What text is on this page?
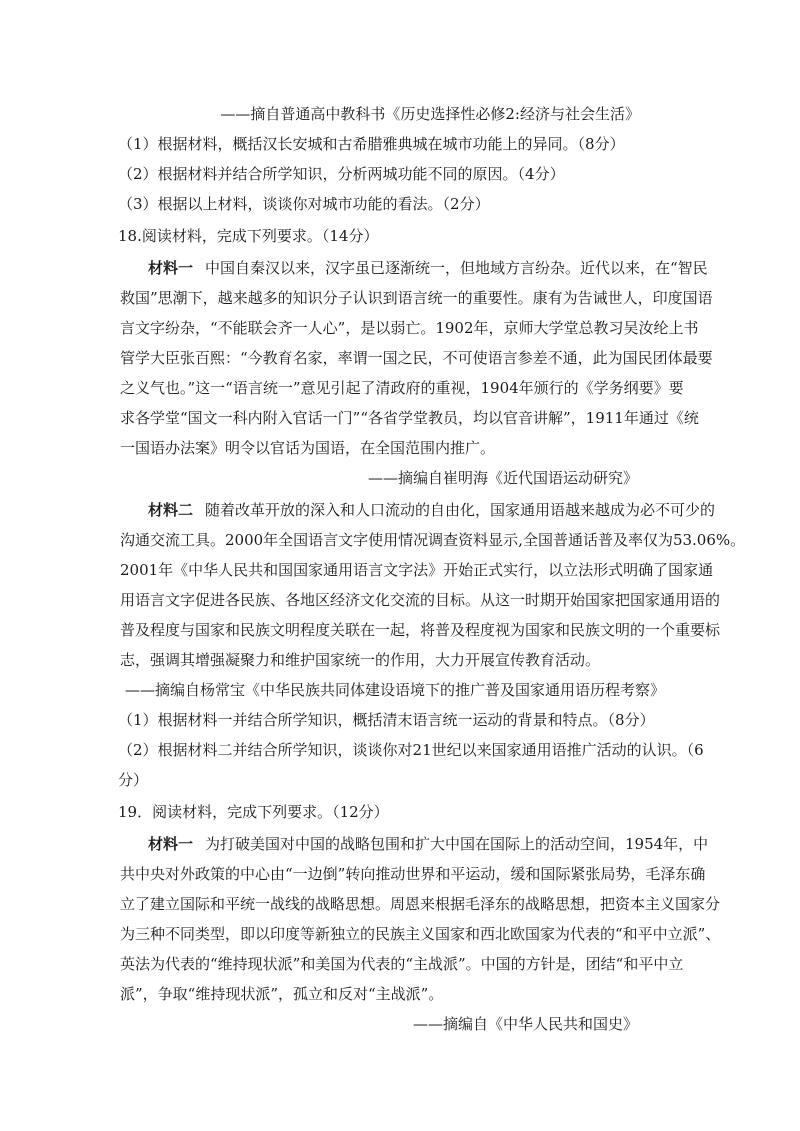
——摘自普通高中教科书《历史选择性必修2:经济与社会生活》
（1）根据材料，概括汉长安城和古希腊雅典城在城市功能上的异同。（8分）
（2）根据材料并结合所学知识，分析两城功能不同的原因。（4分）
（3）根据以上材料，谈谈你对城市功能的看法。（2分）
18.阅读材料，完成下列要求。（14分）
材料一 中国自秦汉以来，汉字虽已逐渐统一，但地域方言纷杂。近代以来，在“智民
救国”思潮下，越来越多的知识分子认识到语言统一的重要性。康有为告诫世人，印度国语
言文字纷杂，“不能联会齐一人心”，是以弱亡。1902年，京师大学堂总教习吴汝纶上书
管学大臣张百熙：“今教育名家，率谓一国之民，不可使语言参差不通，此为国民团体最要
之义气也。”这一“语言统一”意见引起了清政府的重视，1904年颁行的《学务纲要》要
求各学堂“国文一科内附入官话一门”“各省学堂教员，均以官音讲解”，1911年通过《统
一国语办法案》明令以官话为国语，在全国范围内推广。
——摘编自崔明海《近代国语运动研究》
材料二 随着改革开放的深入和人口流动的自由化，国家通用语越来越成为必不可少的
沟通交流工具。2000年全国语言文字使用情况调查资料显示,全国普通话普及率仅为53.06%。
2001年《中华人民共和国国家通用语言文字法》开始正式实行，以立法形式明确了国家通
用语言文字促进各民族、各地区经济文化交流的目标。从这一时期开始国家把国家通用语的
普及程度与国家和民族文明程度关联在一起，将普及程度视为国家和民族文明的一个重要标
志，强调其增强凝聚力和维护国家统一的作用，大力开展宣传教育活动。
——摘编自杨常宝《中华民族共同体建设语境下的推广普及国家通用语历程考察》
（1）根据材料一并结合所学知识，概括清末语言统一运动的背景和特点。（8分）
（2）根据材料二并结合所学知识，谈谈你对21世纪以来国家通用语推广活动的认识。（6
分）
19．阅读材料，完成下列要求。（12分）
材料一 为打破美国对中国的战略包围和扩大中国在国际上的活动空间，1954年，中
共中央对外政策的中心由“一边倒”转向推动世界和平运动，缓和国际紧张局势，毛泽东确
立了建立国际和平统一战线的战略思想。周恩来根据毛泽东的战略思想，把资本主义国家分
为三种不同类型，即以印度等新独立的民族主义国家和西北欧国家为代表的“和平中立派”、
英法为代表的“维持现状派”和美国为代表的“主战派”。中国的方针是，团结“和平中立
派”，争取“维持现状派”，孤立和反对“主战派”。
——摘编自《中华人民共和国史》
